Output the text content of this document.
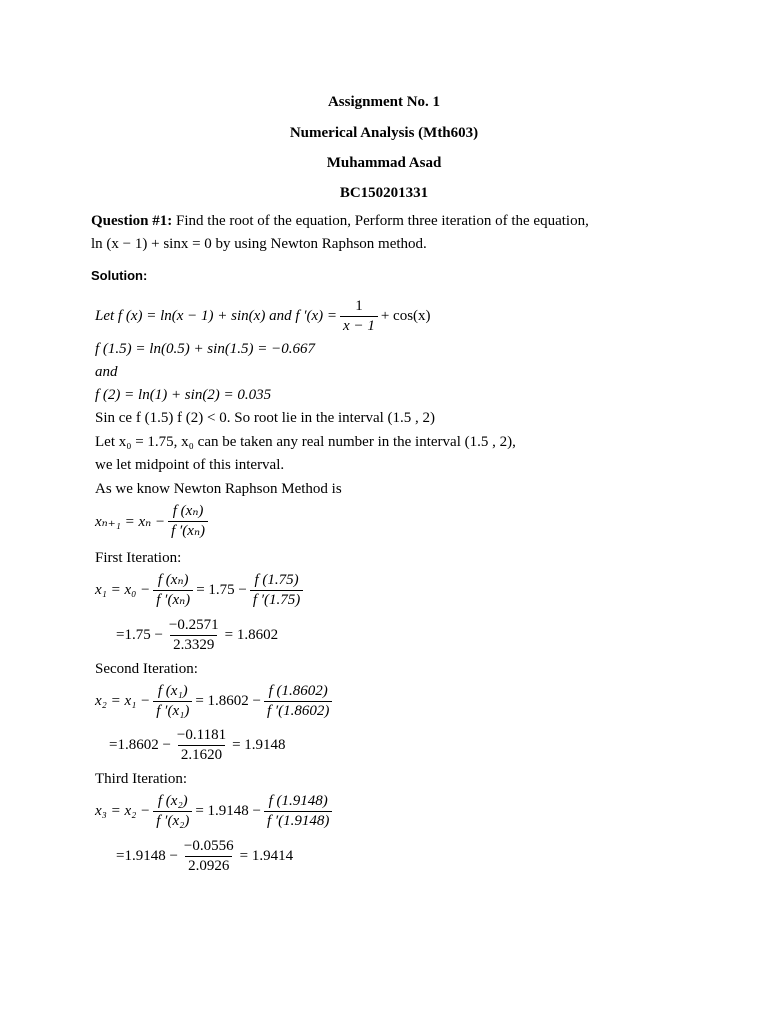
Assignment No. 1
Numerical Analysis (Mth603)
Muhammad Asad
BC150201331
Question #1: Find the root of the equation, Perform three iteration of the equation,
ln (x − 1) + sinx = 0 by using Newton Raphson method.
Solution:
Let f (x) = ln(x − 1) + sin(x) and f $'(x) = \frac{1}{x - 1} + \cos(x)$
f (1.5) = ln(0.5) + sin(1.5) = −0.667
and
f (2) = ln(1) + sin(2) = 0.035
Sin ce f (1.5) f (2) < 0. So root lie in the interval (1.5 , 2)
Let x₀ = 1.75, x₀ can be taken any real number in the interval (1.5 , 2),
we let midpoint of this interval.
As we know Newton Raphson Method is
$x_{n+1} = x_n - \frac{\text{f (xₙ)}}{\text{f ′(xₙ)}}$
First Iteration:
$x_1 = x_0 - \frac{\text{f (xₙ)}}{\text{f ′(xₙ)}} = 1.75 - \frac{f (1.75)}{f '(1.75)}$
$=1.75 - \frac{-0.2571}{2.3329} = 1.8602$
Second Iteration:
$x_2 = x_1 - \frac{\text{f (x₁)}}{\text{f ′(x₁)}} = 1.8602 - \frac{f (1.8602)}{f '(1.8602)}$
$=1.8602 - \frac{-0.1181}{2.1620} = 1.9148$
Third Iteration:
$x_3 = x_2 - \frac{\text{f (x₂)}}{\text{f ′(x₂)}} = 1.9148 - \frac{f (1.9148)}{f '(1.9148)}$
$=1.9148 - \frac{-0.0556}{2.0926} = 1.9414$
